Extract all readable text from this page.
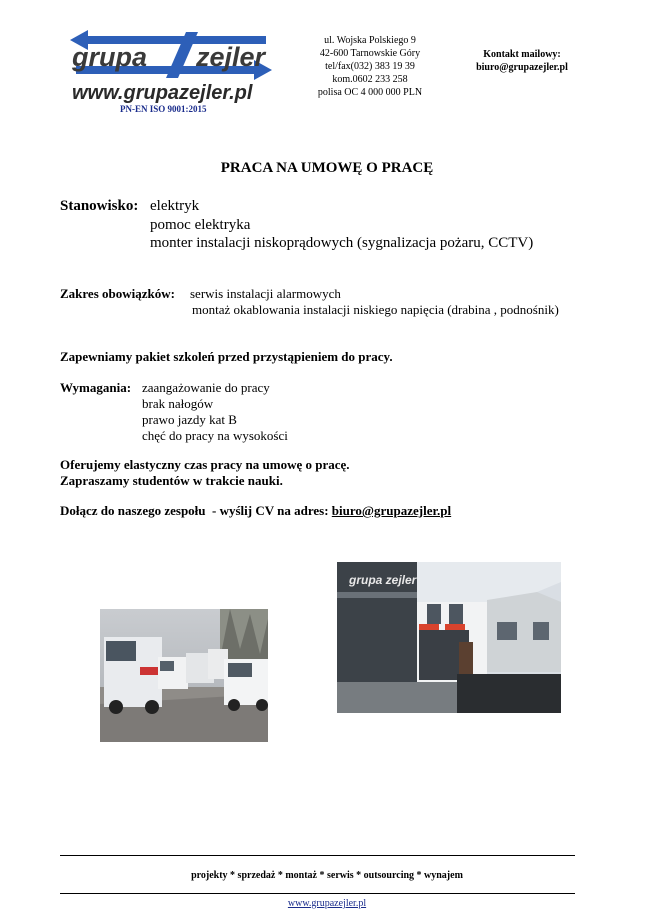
grupa zejler
www.grupazejler.pl
PN-EN ISO 9001:2015
ul. Wojska Polskiego 9
42-600 Tarnowskie Góry
tel/fax(032) 383 19 39
kom.0602 233 258
polisa OC 4 000 000 PLN
Kontakt mailowy:
biuro@grupazejler.pl
PRACA NA UMOWĘ O PRACĘ
Stanowisko: elektryk
pomoc elektryka
monter instalacji niskoprądowych (sygnalizacja pożaru, CCTV)
Zakres obowiązków: serwis instalacji alarmowych
montaż okablowania instalacji niskiego napięcia (drabina , podnośnik)
Zapewniamy pakiet szkoleń przed przystąpieniem do pracy.
Wymagania: zaangażowanie do pracy
brak nałogów
prawo jazdy kat B
chęć do pracy na wysokości
Oferujemy elastyczny czas pracy na umowę o pracę.
Zapraszamy studentów w trakcie nauki.
Dołącz do naszego zespołu  - wyślij CV na adres: biuro@grupazejler.pl
grupa zejler
projekty * sprzedaż * montaż * serwis * outsourcing * wynajem
www.grupazejler.pl
